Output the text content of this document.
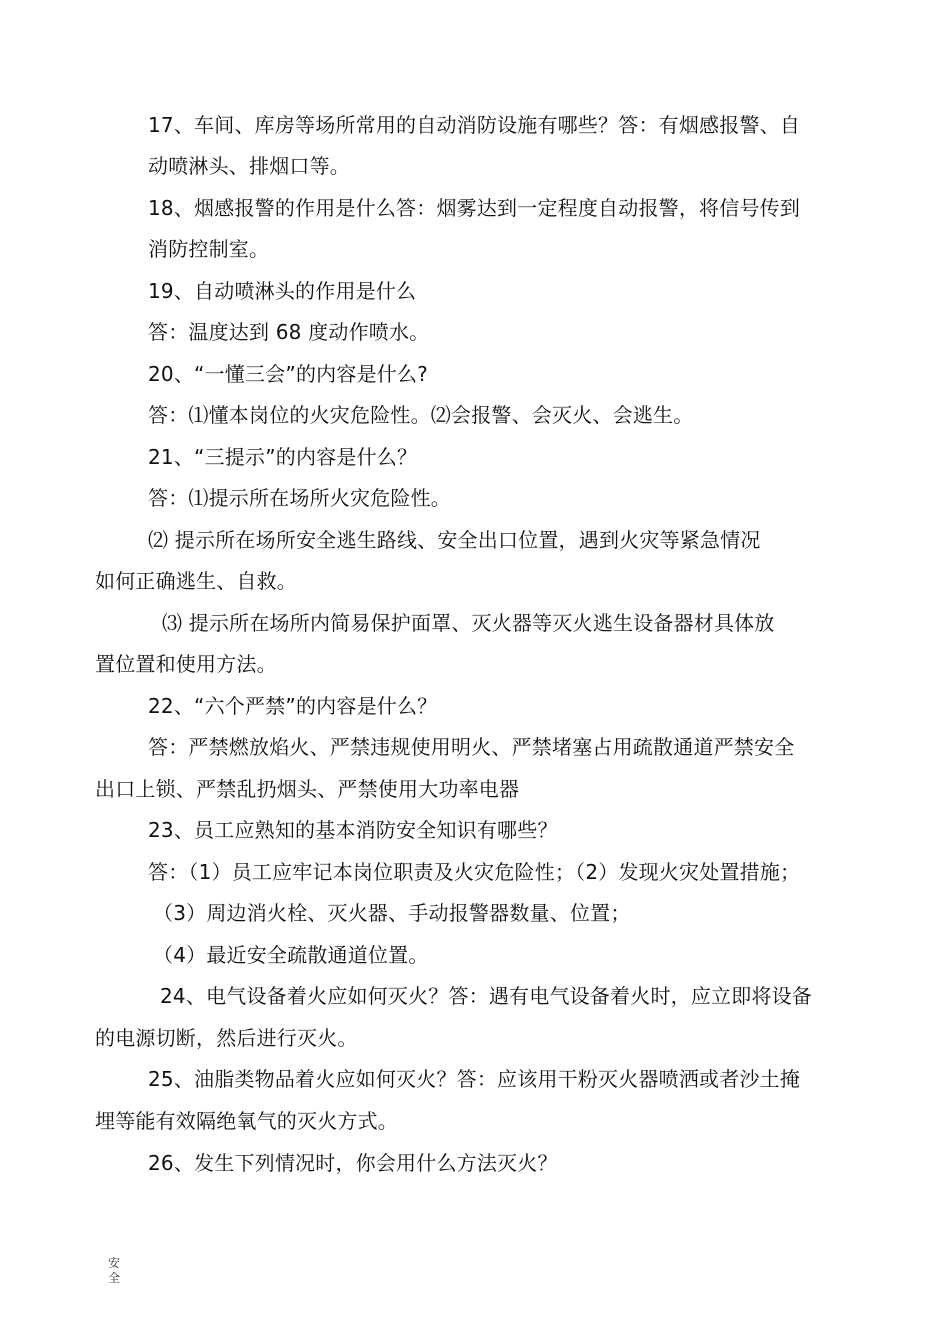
17、车间、库房等场所常用的自动消防设施有哪些？答：有烟感报警、自
动喷淋头、排烟口等。
18、烟感报警的作用是什么答：烟雾达到一定程度自动报警，将信号传到
消防控制室。
19、自动喷淋头的作用是什么
答：温度达到 68 度动作喷水。
20、“一懂三会”的内容是什么?
答：⑴懂本岗位的火灾危险性。⑵会报警、会灭火、会逃生。
21、“三提示”的内容是什么？
答：⑴提示所在场所火灾危险性。
⑵ 提示所在场所安全逃生路线、安全出口位置，遇到火灾等紧急情况
如何正确逃生、自救。
⑶ 提示所在场所内简易保护面罩、灭火器等灭火逃生设备器材具体放
置位置和使用方法。
22、“六个严禁”的内容是什么？
答：严禁燃放焰火、严禁违规使用明火、严禁堵塞占用疏散通道严禁安全
出口上锁、严禁乱扔烟头、严禁使用大功率电器
23、员工应熟知的基本消防安全知识有哪些？
答：（1）员工应牢记本岗位职责及火灾危险性；（2）发现火灾处置措施；
（3）周边消火栓、灭火器、手动报警器数量、位置；
（4）最近安全疏散通道位置。
24、电气设备着火应如何灭火？答：遇有电气设备着火时，应立即将设备
的电源切断，然后进行灭火。
25、油脂类物品着火应如何灭火？答：应该用干粉灭火器喷洒或者沙土掩
埋等能有效隔绝氧气的灭火方式。
26、发生下列情况时，你会用什么方法灭火？
安全
